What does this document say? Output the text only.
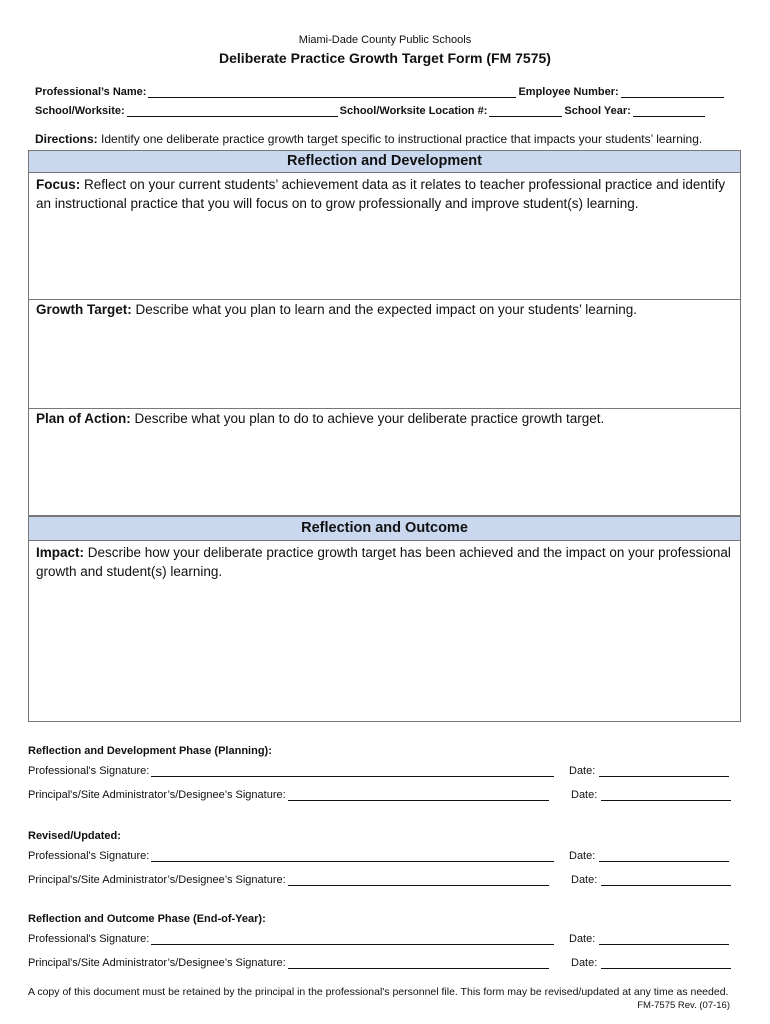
Miami-Dade County Public Schools
Deliberate Practice Growth Target Form (FM 7575)
Professional’s Name:	Employee Number:
School/Worksite:	School/Worksite Location #:	School Year:
Directions: Identify one deliberate practice growth target specific to instructional practice that impacts your students’ learning.
Reflection and Development
Focus: Reflect on your current students’ achievement data as it relates to teacher professional practice and identify an instructional practice that you will focus on to grow professionally and improve student(s) learning.
Growth Target: Describe what you plan to learn and the expected impact on your students’ learning.
Plan of Action: Describe what you plan to do to achieve your deliberate practice growth target.
Reflection and Outcome
Impact: Describe how your deliberate practice growth target has been achieved and the impact on your professional growth and student(s) learning.
Reflection and Development Phase (Planning):
Professional's Signature:	Date:
Principal's/Site Administrator’s/Designee’s Signature:	Date:
Revised/Updated:
Professional's Signature:	Date:
Principal's/Site Administrator’s/Designee’s Signature:	Date:
Reflection and Outcome Phase (End-of-Year):
Professional's Signature:	Date:
Principal's/Site Administrator’s/Designee’s Signature:	Date:
A copy of this document must be retained by the principal in the professional's personnel file. This form may be revised/updated at any time as needed.
FM-7575 Rev. (07-16)
